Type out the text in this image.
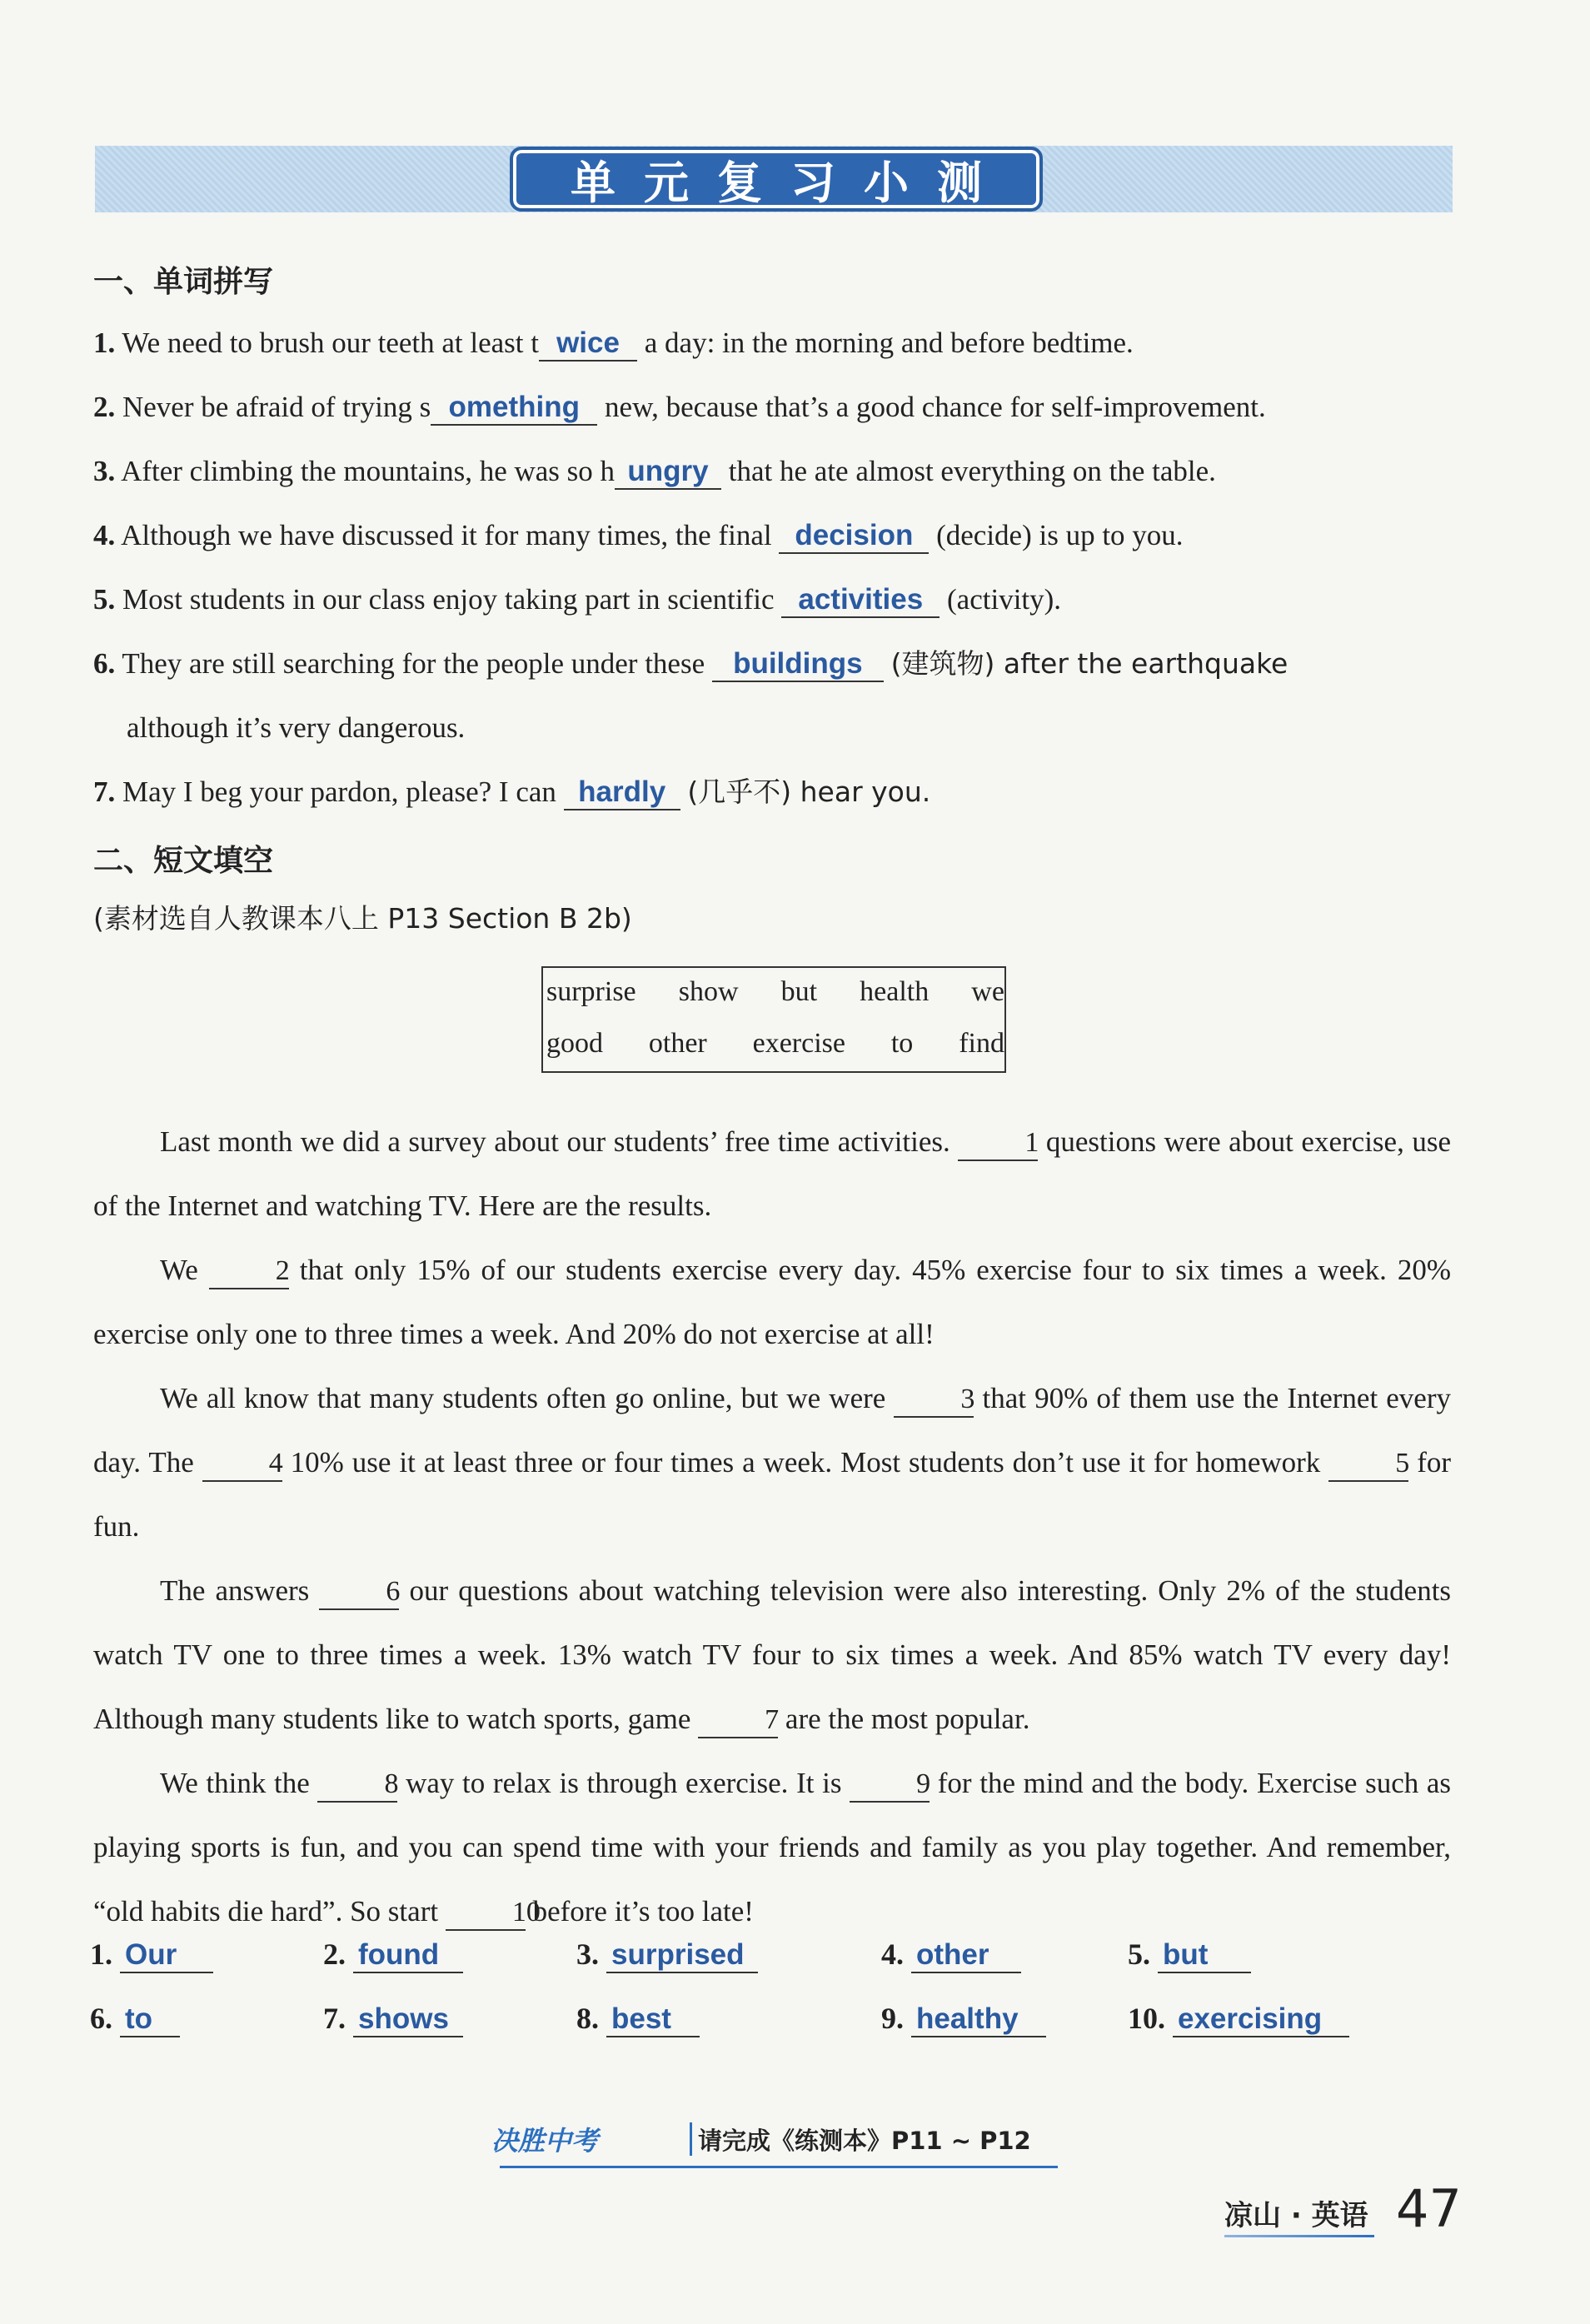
单元复习小测
一、单词拼写
1. We need to brush our teeth at least t wice a day: in the morning and before bedtime.
2. Never be afraid of trying s omething new, because that’s a good chance for self-improvement.
3. After climbing the mountains, he was so h ungry that he ate almost everything on the table.
4. Although we have discussed it for many times, the final decision (decide) is up to you.
5. Most students in our class enjoy taking part in scientific activities (activity).
6. They are still searching for the people under these buildings (建筑物) after the earthquake
although it’s very dangerous.
7. May I beg your pardon, please? I can hardly (几乎不) hear you.
二、短文填空
(素材选自人教课本八上 P13 Section B 2b)
surprise show but health we
good other exercise to find
Last month we did a survey about our students’ free time activities.	1 questions were about exercise, use of the Internet and watching TV. Here are the results.
We	2 that only 15% of our students exercise every day. 45% exercise four to six times a week. 20% exercise only one to three times a week. And 20% do not exercise at all!
We all know that many students often go online, but we were	3 that 90% of them use the Internet every day. The	4 10% use it at least three or four times a week. Most students don’t use it for homework	5 for fun.
The answers	6 our questions about watching television were also interesting. Only 2% of the students watch TV one to three times a week. 13% watch TV four to six times a week. And 85% watch TV every day! Although many students like to watch sports, game	7 are the most popular.
We think the	8 way to relax is through exercise. It is	9 for the mind and the body. Exercise such as playing sports is fun, and you can spend time with your friends and family as you play together. And remember, “old habits die hard”. So start	10 before it’s too late!
1. Our	2. found	3. surprised	4. other	5. but
6. to	7. shows	8. best	9. healthy	10. exercising
决胜中考	请完成《练测本》P11 ~ P12
凉山 · 英语 47
